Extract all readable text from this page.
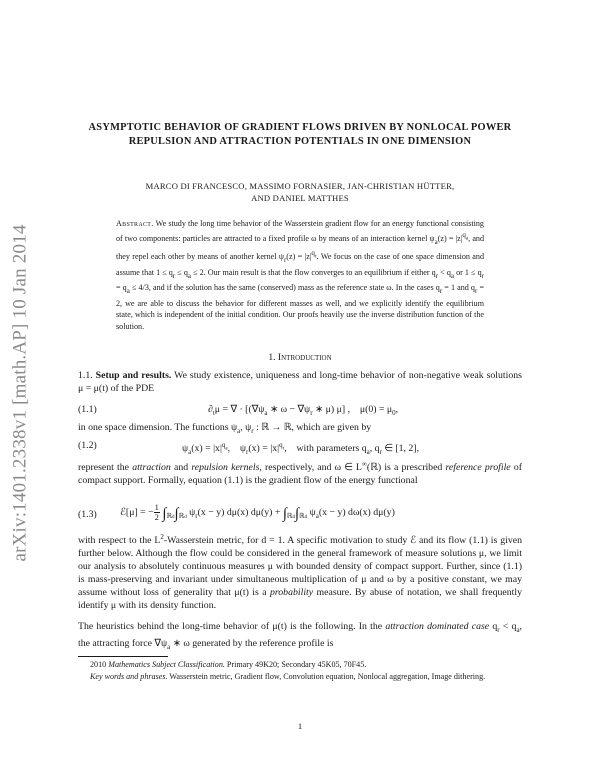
arXiv:1401.2338v1 [math.AP] 10 Jan 2014
ASYMPTOTIC BEHAVIOR OF GRADIENT FLOWS DRIVEN BY NONLOCAL POWER REPULSION AND ATTRACTION POTENTIALS IN ONE DIMENSION
MARCO DI FRANCESCO, MASSIMO FORNASIER, JAN-CHRISTIAN HÜTTER,
AND DANIEL MATTHES
Abstract. We study the long time behavior of the Wasserstein gradient flow for an energy functional consisting of two components: particles are attracted to a fixed profile ω by means of an interaction kernel $\psi a(z) = |z|q_a$, and they repel each other by means of another kernel $\psi r(z) = |z|q_r$. We focus on the case of one space dimension and assume that 1 ≤ qr ≤ qa ≤ 2. Our main result is that the flow converges to an equilibrium if either qr < qa or 1 ≤ qr = qa ≤ 4/3, and if the solution has the same (conserved) mass as the reference state ω. In the cases qr = 1 and qr = 2, we are able to discuss the behavior for different masses as well, and we explicitly identify the equilibrium state, which is independent of the initial condition. Our proofs heavily use the inverse distribution function of the solution.
1. Introduction
1.1. Setup and results. We study existence, uniqueness and long-time behavior of non-negative weak solutions μ = μ(t) of the PDE
(1.1)	$\partial_t\mu$ = ∇ · [($\nabla\psi_a$ ∗ $\omega - \nabla\psi_r$ ∗ μ) μ] ,    $\mu(0) = \mu_0$,
in one space dimension. The functions $\psi_a$, $\psi_r$ : ℝ → ℝ, which are given by
(1.2)	$\psi_a(x) = |x|^{q_a}$,    $\psi_r(x) = |x|^{q_r}$,    with parameters $q_a$, $q_r$ ∈ [1, 2],
represent the attraction and repulsion kernels, respectively, and ω ∈ L∞(ℝ) is a prescribed reference profile of compact support. Formally, equation (1.1) is the gradient flow of the energy functional
(1.3) ℰ[μ] = − $\frac{1}{2} \int_{ℝd}\int_{ℝd}$ $\psi_r(x - y)$ dμ(x) $d\mu(y) + \int_{ℝd}\int_{ℝd}$ $\psi_a(x - y)$ dω(x) dμ(y)
with respect to the $L^2$-Wasserstein metric, for d = 1. A specific motivation to study ℰ and its flow (1.1) is given further below. Although the flow could be considered in the general framework of measure solutions μ, we limit our analysis to absolutely continuous measures μ with bounded density of compact support. Further, since (1.1) is mass-preserving and invariant under simultaneous multiplication of μ and ω by a positive constant, we may assume without loss of generality that μ(t) is a probability measure. By abuse of notation, we shall frequently identify μ with its density function.
The heuristics behind the long-time behavior of μ(t) is the following. In the attraction dominated case $q_r < q_a$, the attracting force $\nabla\psi_a$ ∗ ω generated by the reference profile is

2010 Mathematics Subject Classification. Primary 49K20; Secondary 45K05, 70F45.

Key words and phrases. Wasserstein metric, Gradient flow, Convolution equation, Nonlocal aggregation, Image dithering.

1
